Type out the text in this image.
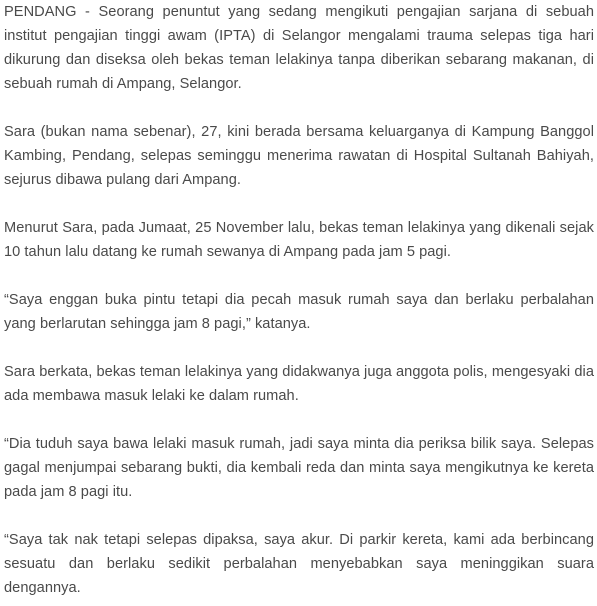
PENDANG - Seorang penuntut yang sedang mengikuti pengajian sarjana di sebuah institut pengajian tinggi awam (IPTA) di Selangor mengalami trauma selepas tiga hari dikurung dan diseksa oleh bekas teman lelakinya tanpa diberikan sebarang makanan, di sebuah rumah di Ampang, Selangor.

Sara (bukan nama sebenar), 27, kini berada bersama keluarganya di Kampung Banggol Kambing, Pendang, selepas seminggu menerima rawatan di Hospital Sultanah Bahiyah, sejurus dibawa pulang dari Ampang.

Menurut Sara, pada Jumaat, 25 November lalu, bekas teman lelakinya yang dikenali sejak 10 tahun lalu datang ke rumah sewanya di Ampang pada jam 5 pagi.

“Saya enggan buka pintu tetapi dia pecah masuk rumah saya dan berlaku perbalahan yang berlarutan sehingga jam 8 pagi,” katanya.

Sara berkata, bekas teman lelakinya yang didakwanya juga anggota polis, mengesyaki dia ada membawa masuk lelaki ke dalam rumah.

“Dia tuduh saya bawa lelaki masuk rumah, jadi saya minta dia periksa bilik saya. Selepas gagal menjumpai sebarang bukti, dia kembali reda dan minta saya mengikutnya ke kereta pada jam 8 pagi itu.

“Saya tak nak tetapi selepas dipaksa, saya akur. Di parkir kereta, kami ada berbincang sesuatu dan berlaku sedikit perbalahan menyebabkan saya meninggikan suara dengannya.
